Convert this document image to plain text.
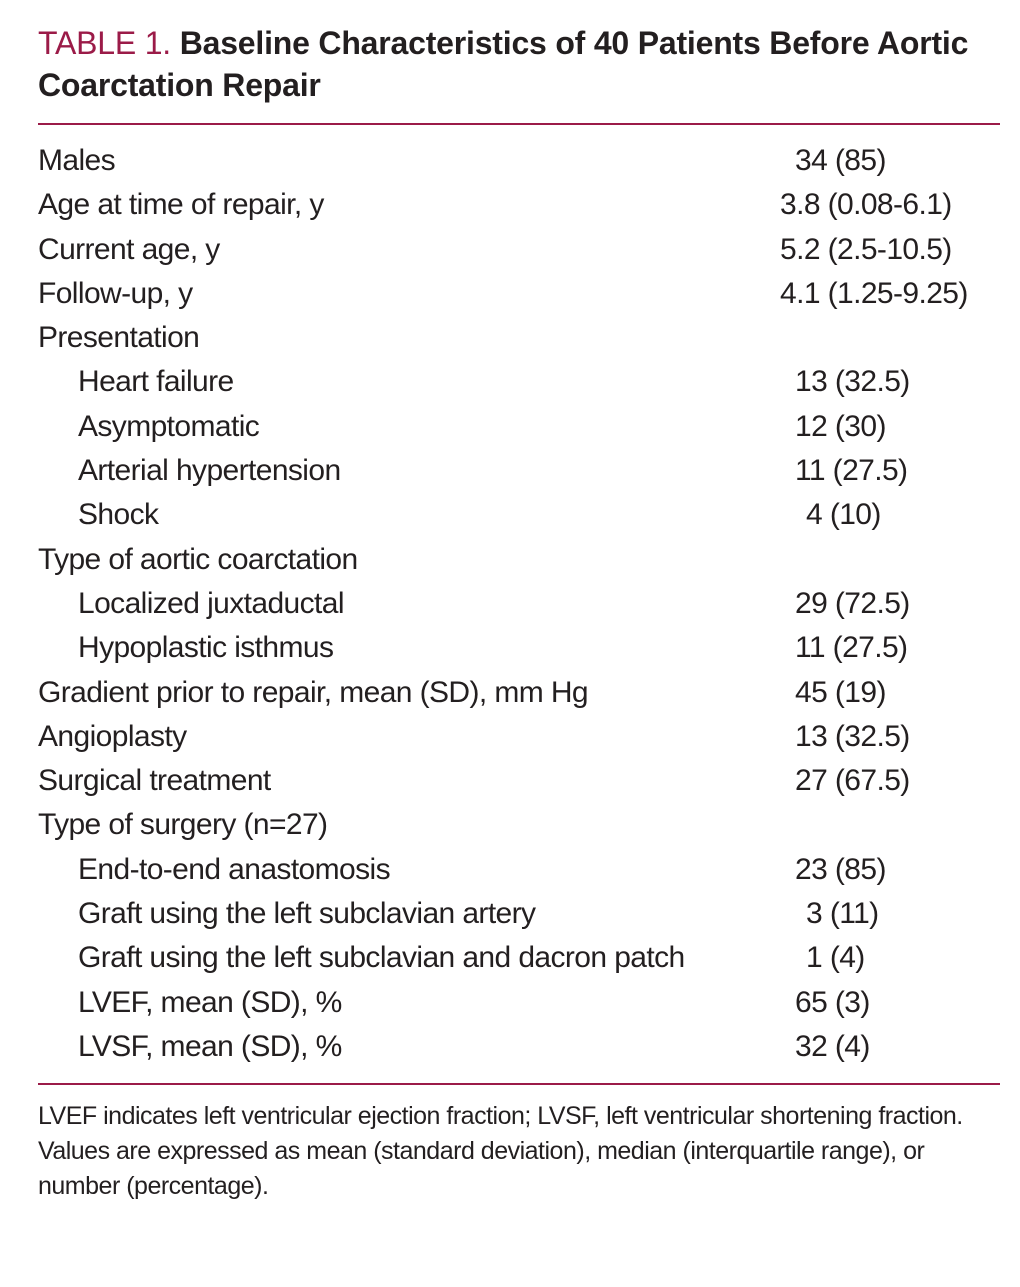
TABLE 1. Baseline Characteristics of 40 Patients Before Aortic Coarctation Repair
Males	34 (85)
Age at time of repair, y	3.8 (0.08-6.1)
Current age, y	5.2 (2.5-10.5)
Follow-up, y	4.1 (1.25-9.25)
Presentation
Heart failure	13 (32.5)
Asymptomatic	12 (30)
Arterial hypertension	11 (27.5)
Shock	4 (10)
Type of aortic coarctation
Localized juxtaductal	29 (72.5)
Hypoplastic isthmus	11 (27.5)
Gradient prior to repair, mean (SD), mm Hg	45 (19)
Angioplasty	13 (32.5)
Surgical treatment	27 (67.5)
Type of surgery (n=27)
End-to-end anastomosis	23 (85)
Graft using the left subclavian artery	3 (11)
Graft using the left subclavian and dacron patch	1 (4)
LVEF, mean (SD), %	65 (3)
LVSF, mean (SD), %	32 (4)

LVEF indicates left ventricular ejection fraction; LVSF, left ventricular shortening fraction.

Values are expressed as mean (standard deviation), median (interquartile range), or number (percentage).
